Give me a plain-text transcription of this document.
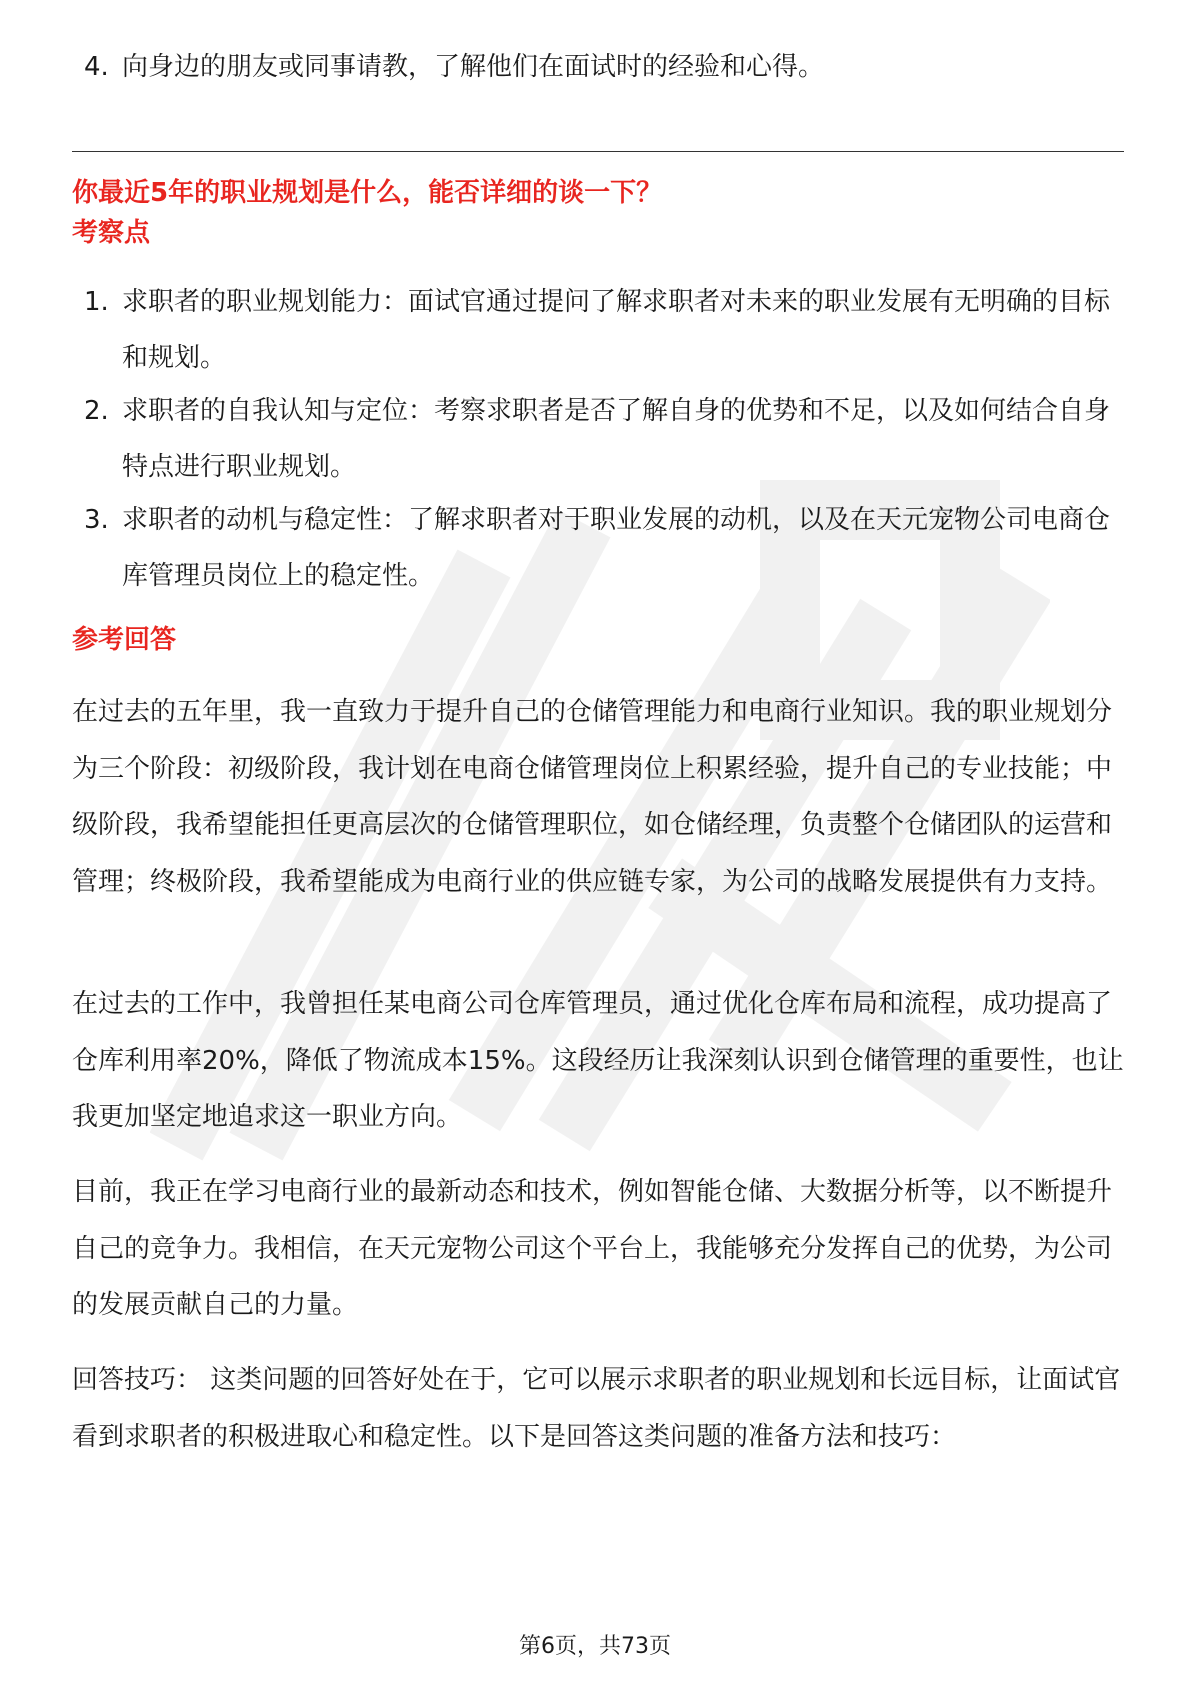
4. 向身边的朋友或同事请教，了解他们在面试时的经验和心得。
你最近5年的职业规划是什么，能否详细的谈一下？
考察点
1. 求职者的职业规划能力：面试官通过提问了解求职者对未来的职业发展有无明确的目标和规划。
2. 求职者的自我认知与定位：考察求职者是否了解自身的优势和不足，以及如何结合自身特点进行职业规划。
3. 求职者的动机与稳定性：了解求职者对于职业发展的动机，以及在天元宠物公司电商仓库管理员岗位上的稳定性。
参考回答

在过去的五年里，我一直致力于提升自己的仓储管理能力和电商行业知识。我的职业规划分为三个阶段：初级阶段，我计划在电商仓储管理岗位上积累经验，提升自己的专业技能；中级阶段，我希望能担任更高层次的仓储管理职位，如仓储经理，负责整个仓储团队的运营和管理；终极阶段，我希望能成为电商行业的供应链专家，为公司的战略发展提供有力支持。

在过去的工作中，我曾担任某电商公司仓库管理员，通过优化仓库布局和流程，成功提高了仓库利用率20%，降低了物流成本15%。这段经历让我深刻认识到仓储管理的重要性，也让我更加坚定地追求这一职业方向。

目前，我正在学习电商行业的最新动态和技术，例如智能仓储、大数据分析等，以不断提升自己的竞争力。我相信，在天元宠物公司这个平台上，我能够充分发挥自己的优势，为公司的发展贡献自己的力量。

回答技巧： 这类问题的回答好处在于，它可以展示求职者的职业规划和长远目标，让面试官看到求职者的积极进取心和稳定性。以下是回答这类问题的准备方法和技巧：

第6页，共73页
